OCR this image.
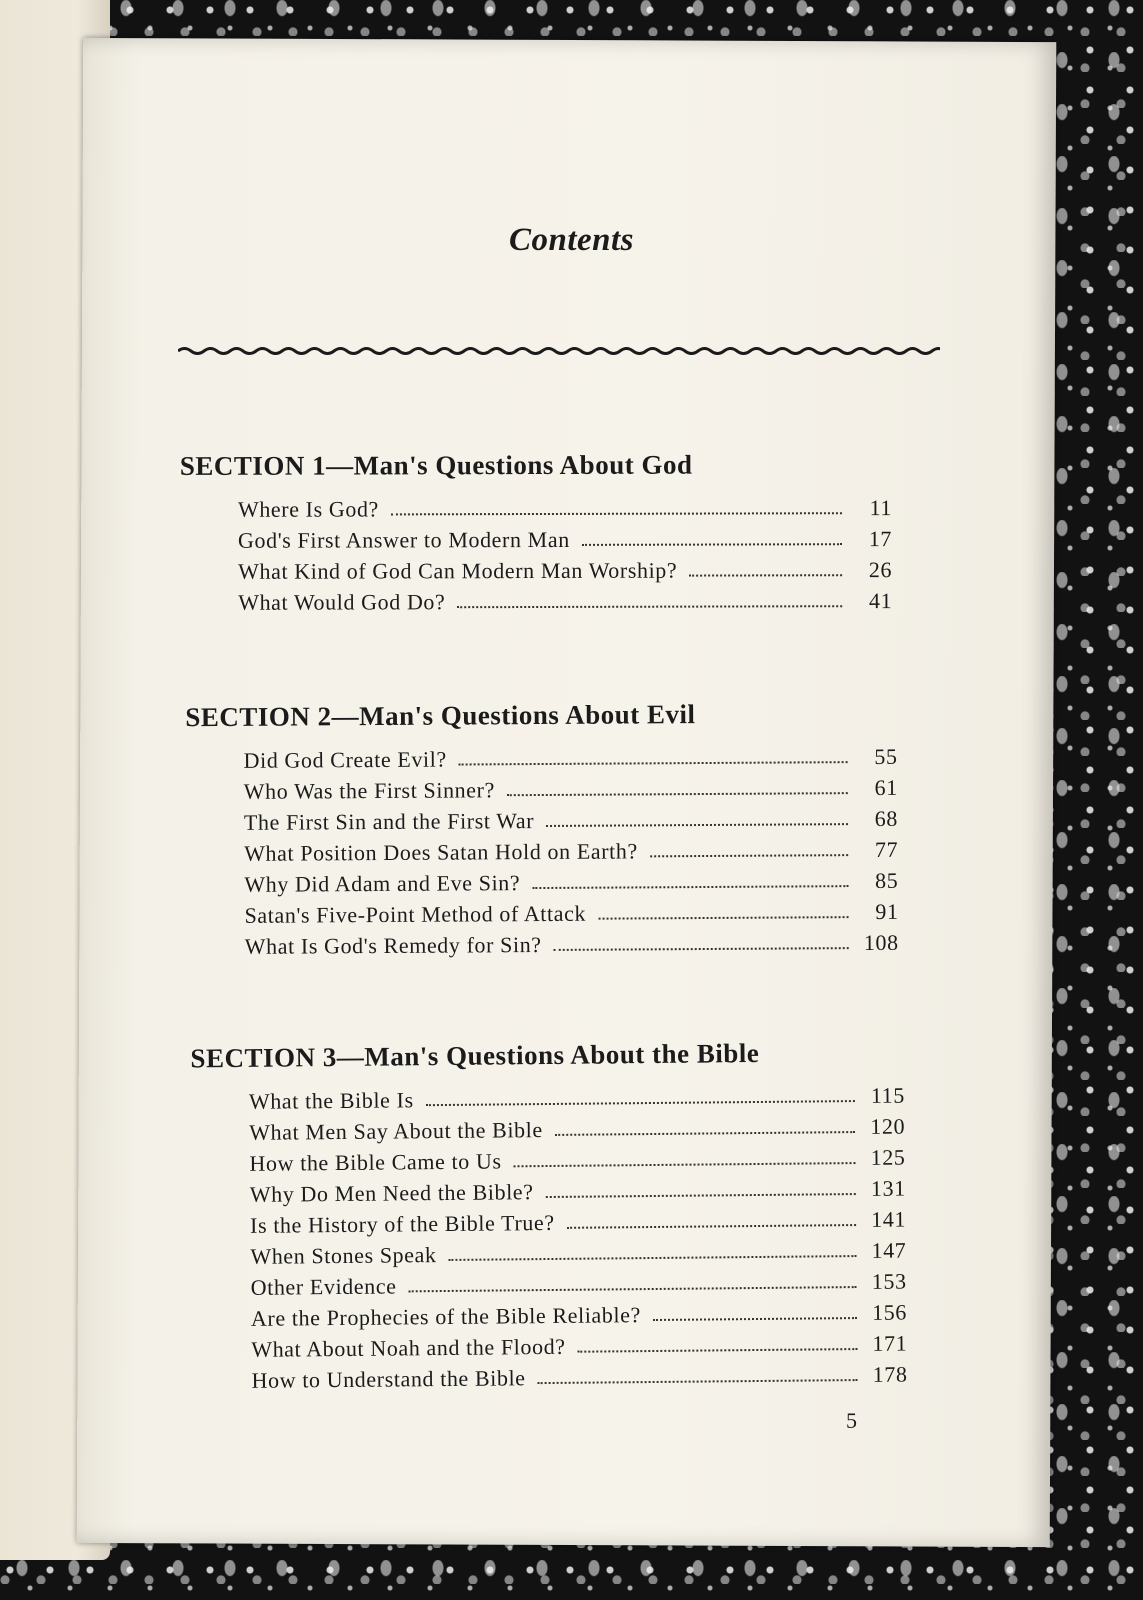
Contents
SECTION 1—Man's Questions About God
Where Is God?	11
God's First Answer to Modern Man	17
What Kind of God Can Modern Man Worship?	26
What Would God Do?	41
SECTION 2—Man's Questions About Evil
Did God Create Evil?	55
Who Was the First Sinner?	61
The First Sin and the First War	68
What Position Does Satan Hold on Earth?	77
Why Did Adam and Eve Sin?	85
Satan's Five-Point Method of Attack	91
What Is God's Remedy for Sin?	108
SECTION 3—Man's Questions About the Bible
What the Bible Is	115
What Men Say About the Bible	120
How the Bible Came to Us	125
Why Do Men Need the Bible?	131
Is the History of the Bible True?	141
When Stones Speak	147
Other Evidence	153
Are the Prophecies of the Bible Reliable?	156
What About Noah and the Flood?	171
How to Understand the Bible	178
5
